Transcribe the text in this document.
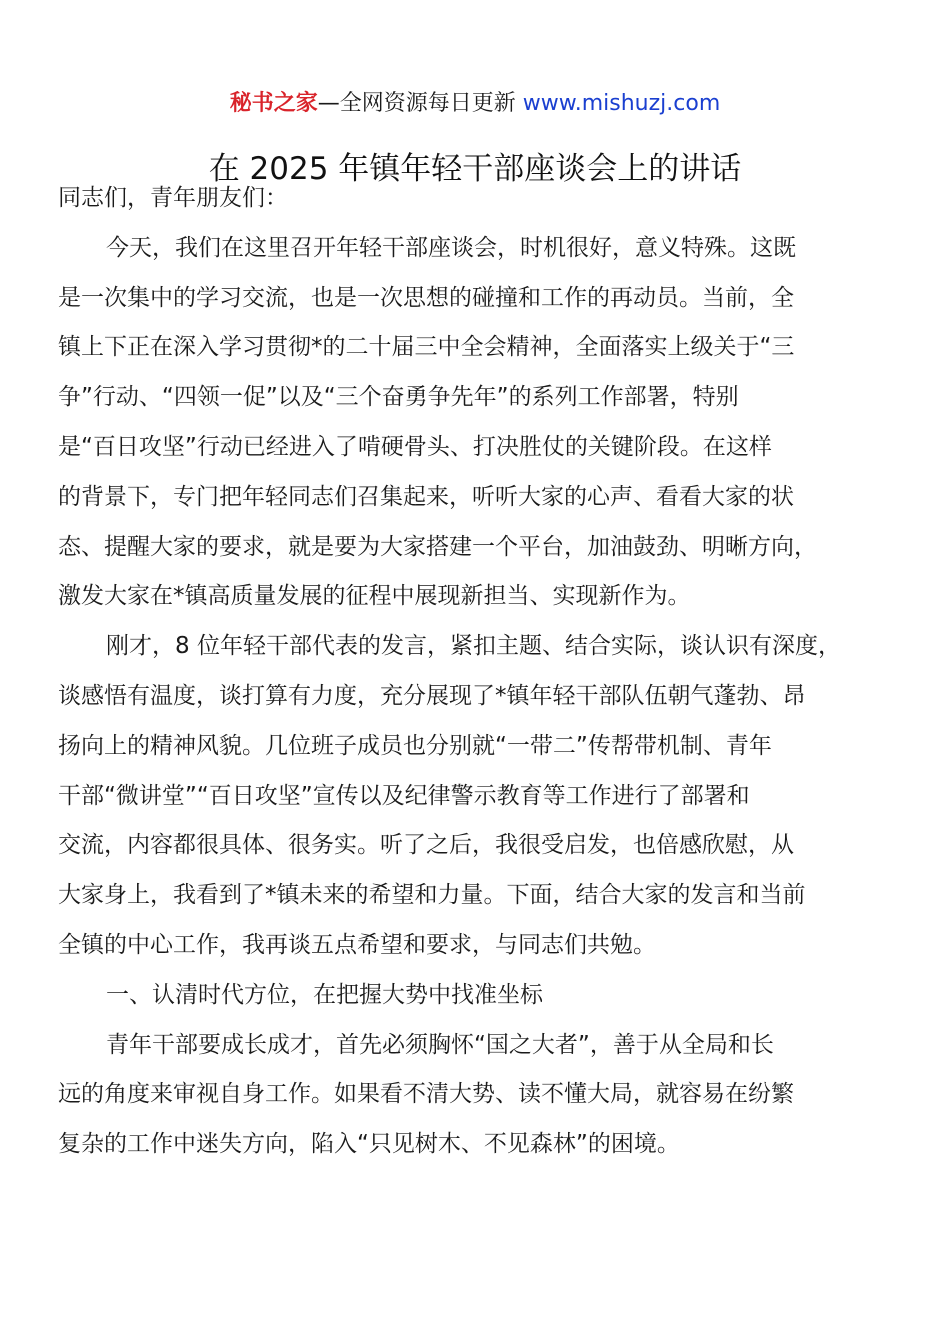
秘书之家—全网资源每日更新 www.mishuzj.com
在 2025 年镇年轻干部座谈会上的讲话
同志们，青年朋友们：
今天，我们在这里召开年轻干部座谈会，时机很好，意义特殊。这既
是一次集中的学习交流，也是一次思想的碰撞和工作的再动员。当前，全
镇上下正在深入学习贯彻*的二十届三中全会精神，全面落实上级关于“三
争”行动、“四领一促”以及“三个奋勇争先年”的系列工作部署，特别
是“百日攻坚”行动已经进入了啃硬骨头、打决胜仗的关键阶段。在这样
的背景下，专门把年轻同志们召集起来，听听大家的心声、看看大家的状
态、提醒大家的要求，就是要为大家搭建一个平台，加油鼓劲、明晰方向，
激发大家在*镇高质量发展的征程中展现新担当、实现新作为。
刚才，8 位年轻干部代表的发言，紧扣主题、结合实际，谈认识有深度，
谈感悟有温度，谈打算有力度，充分展现了*镇年轻干部队伍朝气蓬勃、昂
扬向上的精神风貌。几位班子成员也分别就“一带二”传帮带机制、青年
干部“微讲堂”“百日攻坚”宣传以及纪律警示教育等工作进行了部署和
交流，内容都很具体、很务实。听了之后，我很受启发，也倍感欣慰，从
大家身上，我看到了*镇未来的希望和力量。下面，结合大家的发言和当前
全镇的中心工作，我再谈五点希望和要求，与同志们共勉。
一、认清时代方位，在把握大势中找准坐标
青年干部要成长成才，首先必须胸怀“国之大者”，善于从全局和长
远的角度来审视自身工作。如果看不清大势、读不懂大局，就容易在纷繁
复杂的工作中迷失方向，陷入“只见树木、不见森林”的困境。
